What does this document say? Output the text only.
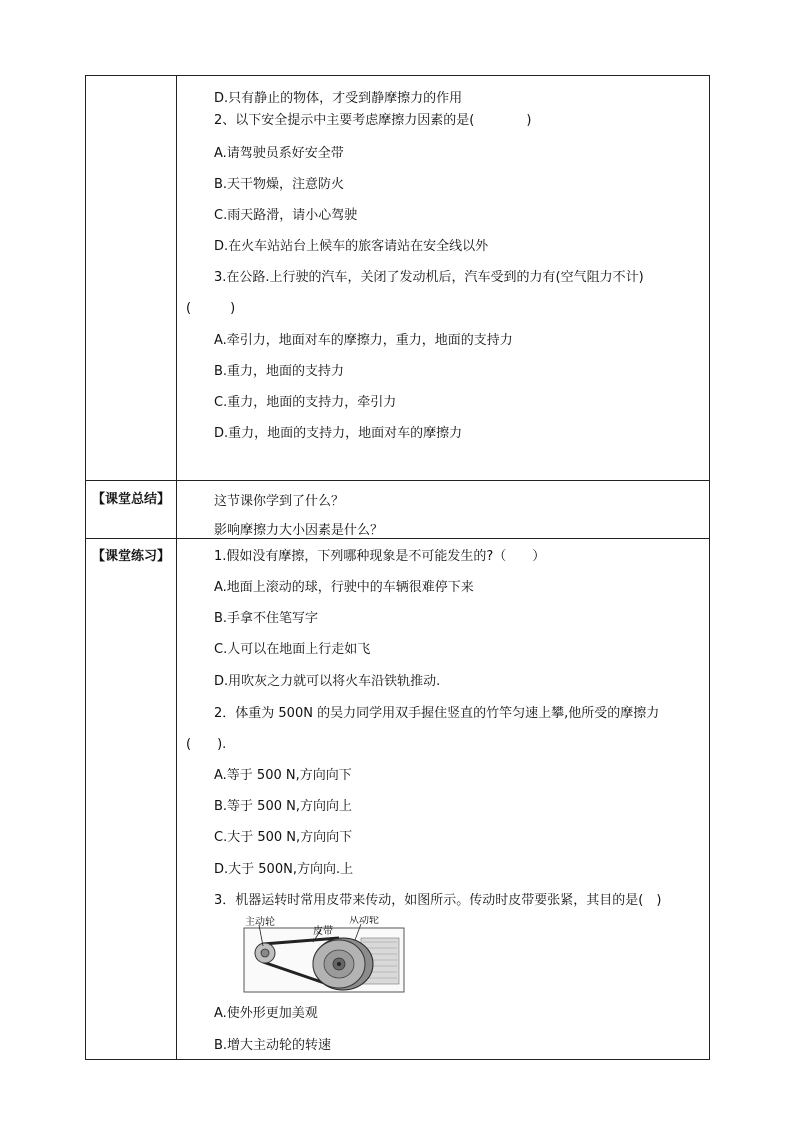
D.只有静止的物体，才受到静摩擦力的作用
2、以下安全提示中主要考虑摩擦力因素的是(　　　　)
A.请驾驶员系好安全带
B.天干物燥，注意防火
C.雨天路滑，请小心驾驶
D.在火车站站台上候车的旅客请站在安全线以外
3.在公路.上行驶的汽车，关闭了发动机后，汽车受到的力有(空气阻力不计)
(　　　)
A.牵引力，地面对车的摩擦力，重力，地面的支持力
B.重力，地面的支持力
C.重力，地面的支持力，牵引力
D.重力，地面的支持力，地面对车的摩擦力
【课堂总结】	这节课你学到了什么？
影响摩擦力大小因素是什么？
【课堂练习】	1.假如没有摩擦，下列哪种现象是不可能发生的?（　　）
A.地面上滚动的球，行驶中的车辆很难停下来
B.手拿不住笔写字
C.人可以在地面上行走如飞
D.用吹灰之力就可以将火车沿铁轨推动.
2．体重为 500N 的吴力同学用双手握住竖直的竹竿匀速上攀,他所受的摩擦力
(　　).
A.等于 500 N,方向向下
B.等于 500 N,方向向上
C.大于 500 N,方向向下
D.大于 500N,方向向.上
3．机器运转时常用皮带来传动，如图所示。传动时皮带要张紧，其目的是(　)
主动轮
皮带
从动轮
A.使外形更加美观
B.增大主动轮的转速
